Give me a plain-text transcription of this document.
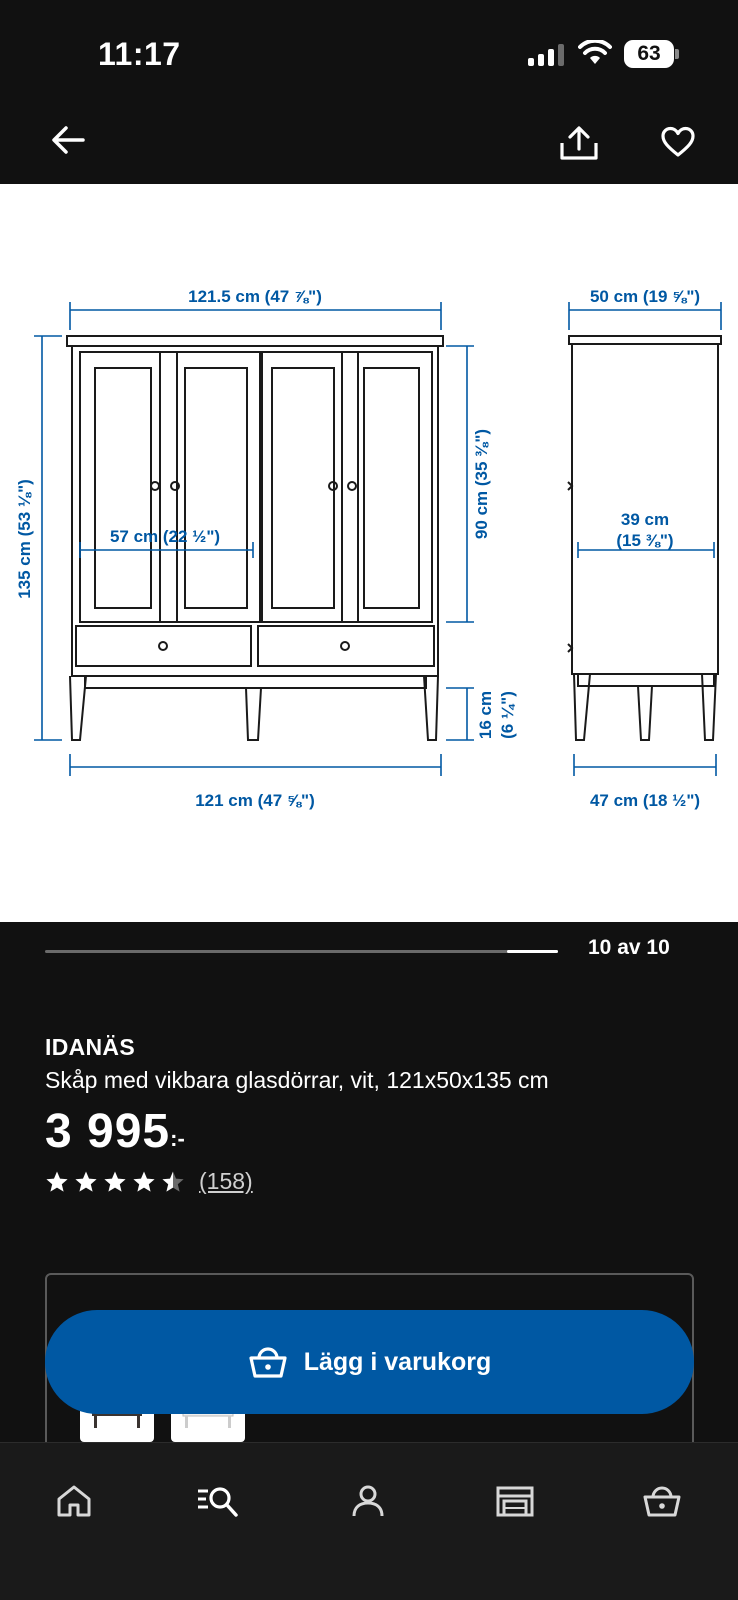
11:17	63
121.5 cm (47 ⅞")	50 cm (19 ⅝")
135 cm (53 ⅛")	57 cm (22 ½")	90 cm (35 ⅜")
16 cm (6 ¼")
39 cm
(15 ⅜")
121 cm (47 ⅝")	47 cm (18 ½")
10 av 10
IDANÄS
Skåp med vikbara glasdörrar, vit, 121x50x135 cm
3 995 :-
(158)
Lägg i varukorg
